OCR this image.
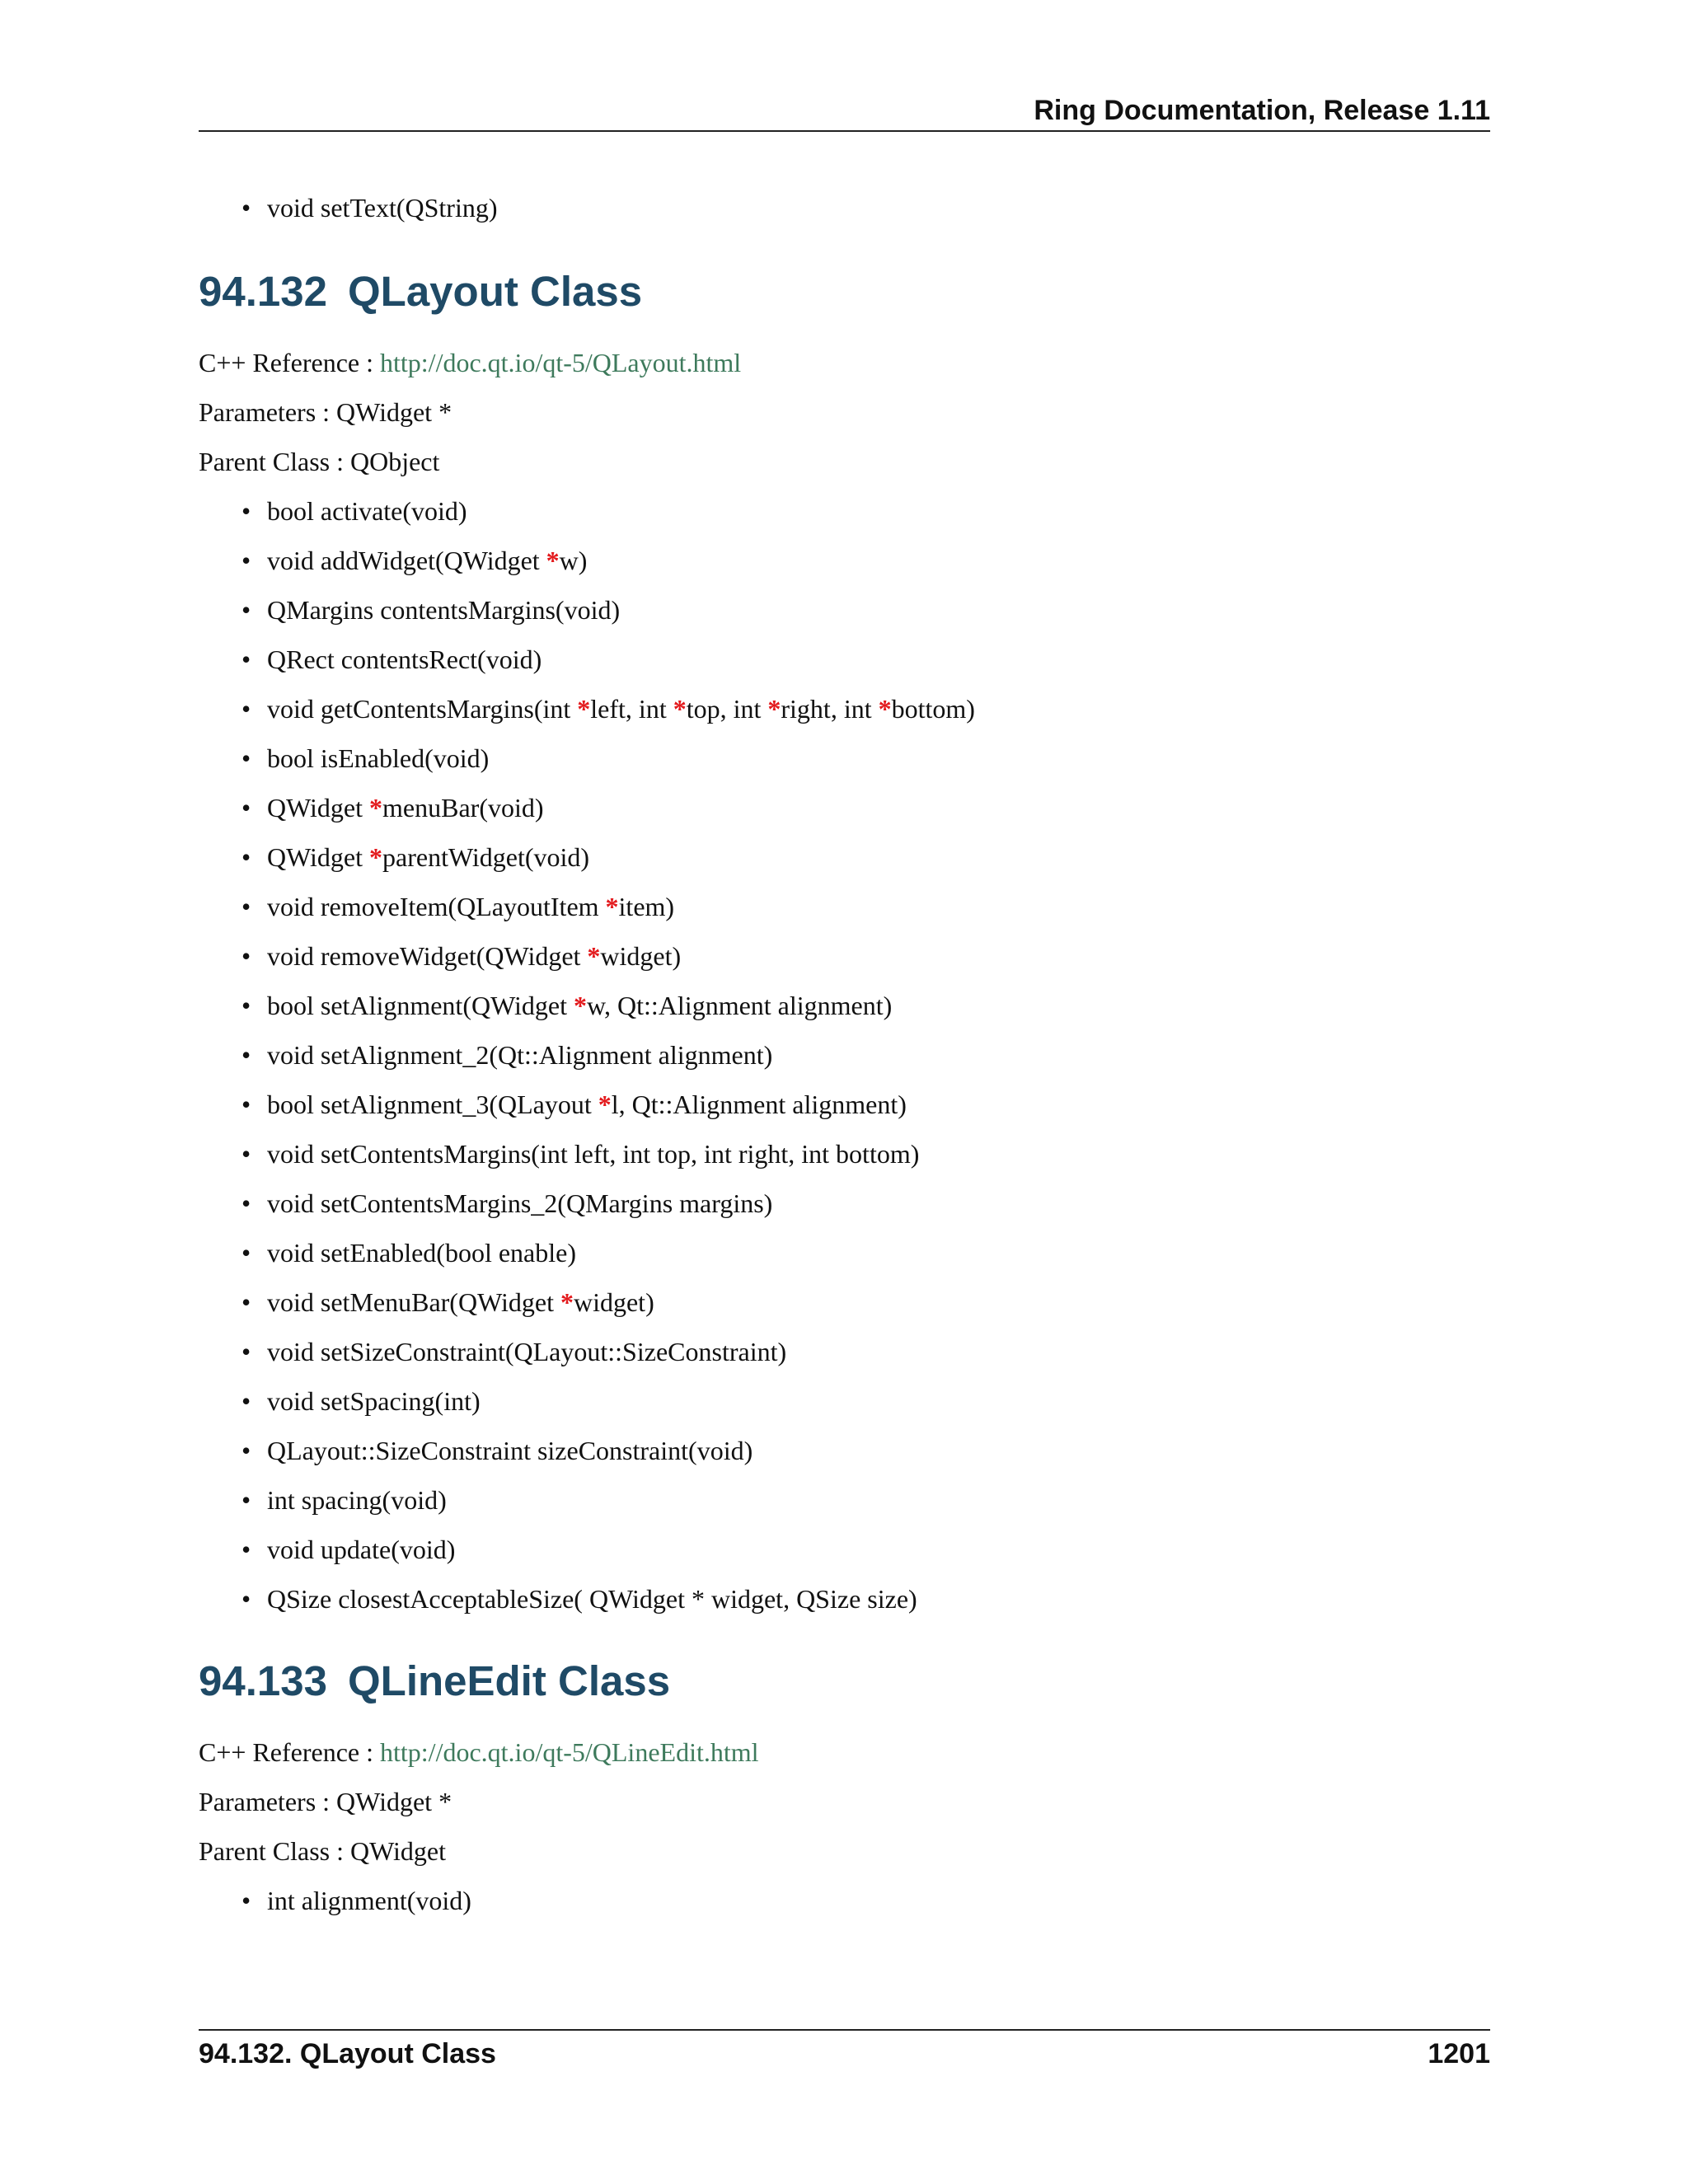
Ring Documentation, Release 1.11
• void setText(QString)
94.132 QLayout Class

C++ Reference : http://doc.qt.io/qt-5/QLayout.html

Parameters : QWidget *

Parent Class : QObject

• bool activate(void)
• void addWidget(QWidget *w)
• QMargins contentsMargins(void)
• QRect contentsRect(void)
• void getContentsMargins(int *left, int *top, int *right, int *bottom)
• bool isEnabled(void)
• QWidget *menuBar(void)
• QWidget *parentWidget(void)
• void removeItem(QLayoutItem *item)
• void removeWidget(QWidget *widget)
• bool setAlignment(QWidget *w, Qt::Alignment alignment)
• void setAlignment_2(Qt::Alignment alignment)
• bool setAlignment_3(QLayout *l, Qt::Alignment alignment)
• void setContentsMargins(int left, int top, int right, int bottom)
• void setContentsMargins_2(QMargins margins)
• void setEnabled(bool enable)
• void setMenuBar(QWidget *widget)
• void setSizeConstraint(QLayout::SizeConstraint)
• void setSpacing(int)
• QLayout::SizeConstraint sizeConstraint(void)
• int spacing(void)
• void update(void)
• QSize closestAcceptableSize( QWidget * widget, QSize size)
94.133 QLineEdit Class

C++ Reference : http://doc.qt.io/qt-5/QLineEdit.html

Parameters : QWidget *

Parent Class : QWidget

• int alignment(void)
94.132. QLayout Class	1201
